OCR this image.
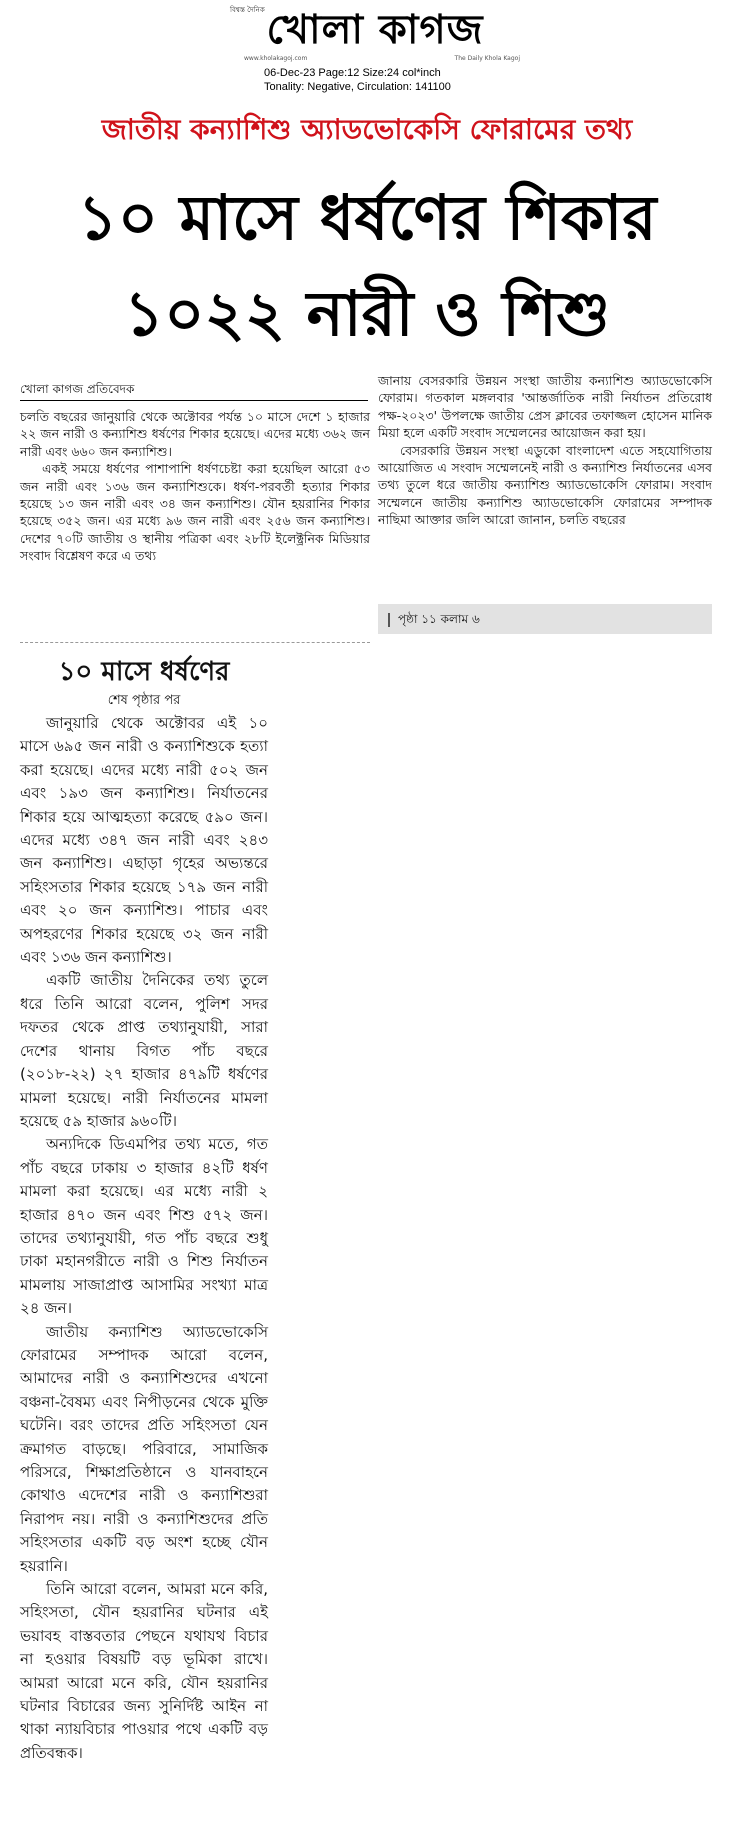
বিশ্বস্ত দৈনিক খোলা কাগজ
www.kholakagoj.com	The Daily Khola Kagoj
06-Dec-23 Page:12 Size:24 col*inch
Tonality: Negative, Circulation: 141100
জাতীয় কন্যাশিশু অ্যাডভোকেসি ফোরামের তথ্য
১০ মাসে ধর্ষণের শিকার
১০২২ নারী ও শিশু
খোলা কাগজ প্রতিবেদক

চলতি বছরের জানুয়ারি থেকে অক্টোবর পর্যন্ত ১০ মাসে দেশে ১ হাজার ২২ জন নারী ও কন্যাশিশু ধর্ষণের শিকার হয়েছে। এদের মধ্যে ৩৬২ জন নারী এবং ৬৬০ জন কন্যাশিশু।

একই সময়ে ধর্ষণের পাশাপাশি ধর্ষণচেষ্টা করা হয়েছিল আরো ৫৩ জন নারী এবং ১৩৬ জন কন্যাশিশুকে। ধর্ষণ-পরবর্তী হত্যার শিকার হয়েছে ১৩ জন নারী এবং ৩৪ জন কন্যাশিশু। যৌন হয়রানির শিকার হয়েছে ৩৫২ জন। এর মধ্যে ৯৬ জন নারী এবং ২৫৬ জন কন্যাশিশু। দেশের ৭০টি জাতীয় ও স্থানীয় পত্রিকা এবং ২৮টি ইলেক্ট্রনিক মিডিয়ার সংবাদ বিশ্লেষণ করে এ তথ্য

জানায় বেসরকারি উন্নয়ন সংস্থা জাতীয় কন্যাশিশু অ্যাডভোকেসি ফোরাম। গতকাল মঙ্গলবার 'আন্তর্জাতিক নারী নির্যাতন প্রতিরোধ পক্ষ-২০২৩' উপলক্ষে জাতীয় প্রেস ক্লাবের তফাজ্জল হোসেন মানিক মিয়া হলে একটি সংবাদ সম্মেলনের আয়োজন করা হয়।

বেসরকারি উন্নয়ন সংস্থা এডুকো বাংলাদেশ এতে সহযোগিতায় আয়োজিত এ সংবাদ সম্মেলনেই নারী ও কন্যাশিশু নির্যাতনের এসব তথ্য তুলে ধরে জাতীয় কন্যাশিশু অ্যাডভোকেসি ফোরাম। সংবাদ সম্মেলনে জাতীয় কন্যাশিশু অ্যাডভোকেসি ফোরামের সম্পাদক নাছিমা আক্তার জলি আরো জানান, চলতি বছরের

পৃষ্ঠা ১১ কলাম ৬
১০ মাসে ধর্ষণের
শেষ পৃষ্ঠার পর

জানুয়ারি থেকে অক্টোবর এই ১০ মাসে ৬৯৫ জন নারী ও কন্যাশিশুকে হত্যা করা হয়েছে। এদের মধ্যে নারী ৫০২ জন এবং ১৯৩ জন কন্যাশিশু। নির্যাতনের শিকার হয়ে আত্মহত্যা করেছে ৫৯০ জন। এদের মধ্যে ৩৪৭ জন নারী এবং ২৪৩ জন কন্যাশিশু। এছাড়া গৃহের অভ্যন্তরে সহিংসতার শিকার হয়েছে ১৭৯ জন নারী এবং ২০ জন কন্যাশিশু। পাচার এবং অপহরণের শিকার হয়েছে ৩২ জন নারী এবং ১৩৬ জন কন্যাশিশু।

একটি জাতীয় দৈনিকের তথ্য তুলে ধরে তিনি আরো বলেন, পুলিশ সদর দফতর থেকে প্রাপ্ত তথ্যানুযায়ী, সারা দেশের থানায় বিগত পাঁচ বছরে (২০১৮-২২) ২৭ হাজার ৪৭৯টি ধর্ষণের মামলা হয়েছে। নারী নির্যাতনের মামলা হয়েছে ৫৯ হাজার ৯৬০টি।

অন্যদিকে ডিএমপির তথ্য মতে, গত পাঁচ বছরে ঢাকায় ৩ হাজার ৪২টি ধর্ষণ মামলা করা হয়েছে। এর মধ্যে নারী ২ হাজার ৪৭০ জন এবং শিশু ৫৭২ জন। তাদের তথ্যানুযায়ী, গত পাঁচ বছরে শুধু ঢাকা মহানগরীতে নারী ও শিশু নির্যাতন মামলায় সাজাপ্রাপ্ত আসামির সংখ্যা মাত্র ২৪ জন।

জাতীয় কন্যাশিশু অ্যাডভোকেসি ফোরামের সম্পাদক আরো বলেন, আমাদের নারী ও কন্যাশিশুদের এখনো বঞ্চনা-বৈষম্য এবং নিপীড়নের থেকে মুক্তি ঘটেনি। বরং তাদের প্রতি সহিংসতা যেন ক্রমাগত বাড়ছে। পরিবারে, সামাজিক পরিসরে, শিক্ষাপ্রতিষ্ঠানে ও যানবাহনে কোথাও এদেশের নারী ও কন্যাশিশুরা নিরাপদ নয়। নারী ও কন্যাশিশুদের প্রতি সহিংসতার একটি বড় অংশ হচ্ছে যৌন হয়রানি।

তিনি আরো বলেন, আমরা মনে করি, সহিংসতা, যৌন হয়রানির ঘটনার এই ভয়াবহ বাস্তবতার পেছনে যথাযথ বিচার না হওয়ার বিষয়টি বড় ভূমিকা রাখে। আমরা আরো মনে করি, যৌন হয়রানির ঘটনার বিচারের জন্য সুনির্দিষ্ট আইন না থাকা ন্যায়বিচার পাওয়ার পথে একটি বড় প্রতিবন্ধক।
